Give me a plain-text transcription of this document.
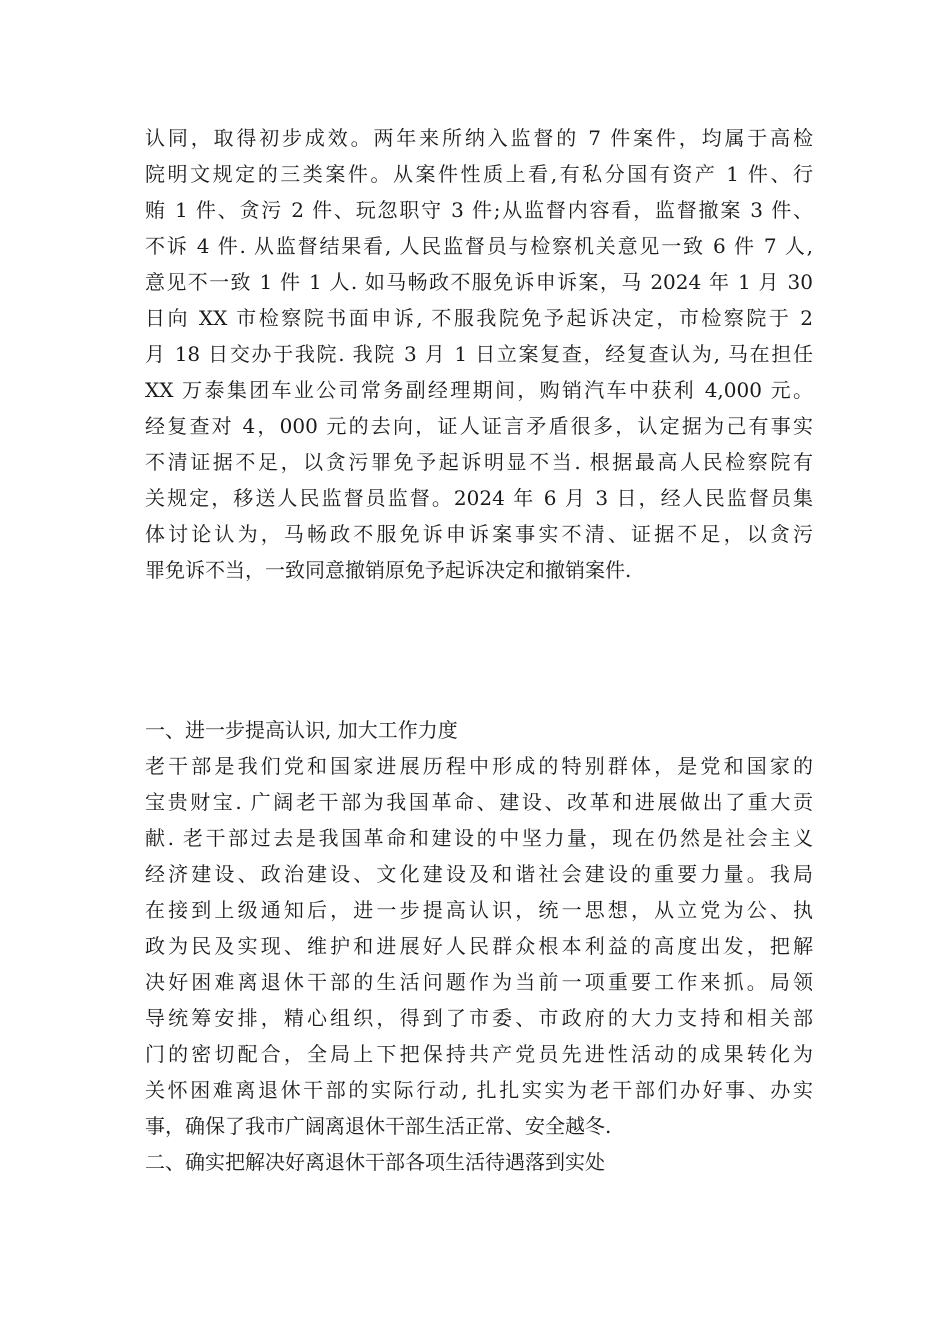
认同，取得初步成效。两年来所纳入监督的 7 件案件，均属于高检
院明文规定的三类案件。从案件性质上看,有私分国有资产 1 件、行
贿 1 件、贪污 2 件、玩忽职守 3 件;从监督内容看，监督撤案 3 件、
不诉 4 件. 从监督结果看, 人民监督员与检察机关意见一致 6 件 7 人,
意见不一致 1 件 1 人. 如马畅政不服免诉申诉案，马 2024 年 1 月 30
日向 XX 市检察院书面申诉, 不服我院免予起诉决定，市检察院于 2
月 18 日交办于我院. 我院 3 月 1 日立案复查，经复查认为, 马在担任
XX 万泰集团车业公司常务副经理期间，购销汽车中获利 4,000 元。
经复查对 4，000 元的去向，证人证言矛盾很多，认定据为己有事实
不清证据不足，以贪污罪免予起诉明显不当. 根据最高人民检察院有
关规定，移送人民监督员监督。2024 年 6 月 3 日，经人民监督员集
体讨论认为，马畅政不服免诉申诉案事实不清、证据不足，以贪污
罪免诉不当，一致同意撤销原免予起诉决定和撤销案件.
一、进一步提高认识, 加大工作力度
老干部是我们党和国家进展历程中形成的特别群体，是党和国家的
宝贵财宝. 广阔老干部为我国革命、建设、改革和进展做出了重大贡
献. 老干部过去是我国革命和建设的中坚力量，现在仍然是社会主义
经济建设、政治建设、文化建设及和谐社会建设的重要力量。我局
在接到上级通知后，进一步提高认识，统一思想，从立党为公、执
政为民及实现、维护和进展好人民群众根本利益的高度出发，把解
决好困难离退休干部的生活问题作为当前一项重要工作来抓。局领
导统筹安排，精心组织，得到了市委、市政府的大力支持和相关部
门的密切配合，全局上下把保持共产党员先进性活动的成果转化为
关怀困难离退休干部的实际行动, 扎扎实实为老干部们办好事、办实
事，确保了我市广阔离退休干部生活正常、安全越冬.
二、确实把解决好离退休干部各项生活待遇落到实处
